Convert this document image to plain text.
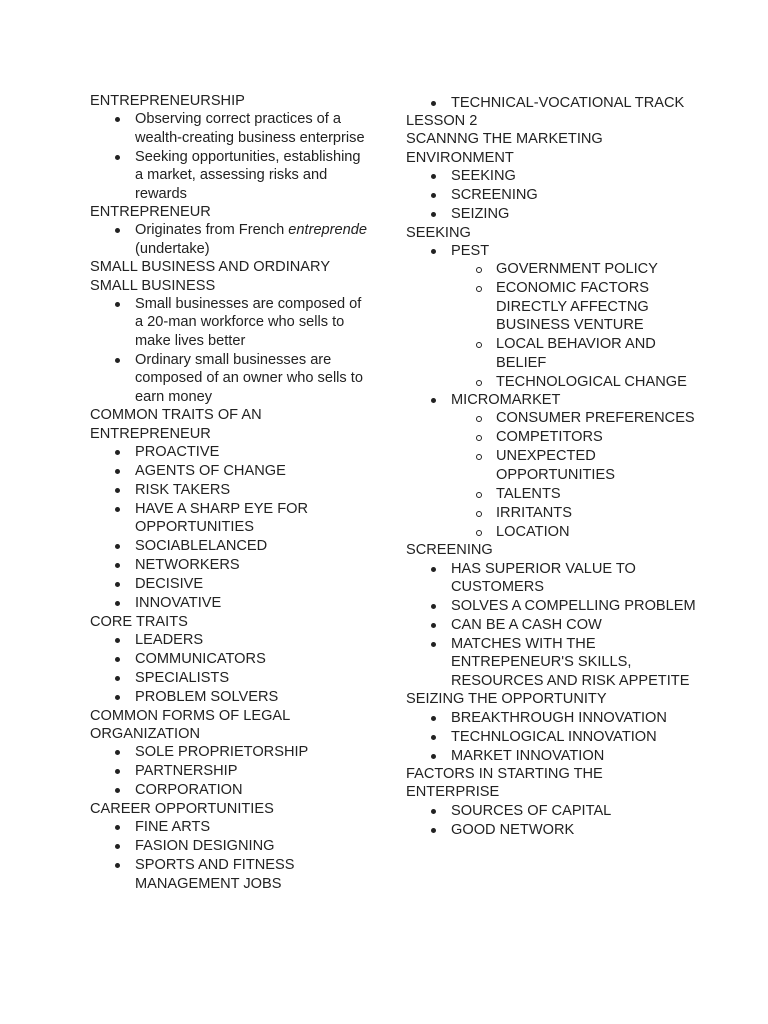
ENTREPRENEURSHIP

Observing correct practices of a wealth-creating business enterprise
Seeking opportunities, establishing a market, assessing risks and rewards

ENTREPRENEUR

Originates from French entreprende (undertake)

SMALL BUSINESS AND ORDINARY SMALL BUSINESS

Small businesses are composed of a 20-man workforce who sells to make lives better
Ordinary small businesses are composed of an owner who sells to earn money

COMMON TRAITS OF AN ENTREPRENEUR

PROACTIVE
AGENTS OF CHANGE
RISK TAKERS
HAVE A SHARP EYE FOR OPPORTUNITIES
SOCIABLELANCED
NETWORKERS
DECISIVE
INNOVATIVE

CORE TRAITS

LEADERS
COMMUNICATORS
SPECIALISTS
PROBLEM SOLVERS

COMMON FORMS OF LEGAL ORGANIZATION

SOLE PROPRIETORSHIP
PARTNERSHIP
CORPORATION

CAREER OPPORTUNITIES

FINE ARTS
FASION DESIGNING
SPORTS AND FITNESS MANAGEMENT JOBS
TECHNICAL-VOCATIONAL TRACK

LESSON 2

SCANNNG THE MARKETING ENVIRONMENT

SEEKING
SCREENING
SEIZING

SEEKING

PEST
GOVERNMENT POLICY
ECONOMIC FACTORS DIRECTLY AFFECTNG BUSINESS VENTURE
LOCAL BEHAVIOR AND BELIEF
TECHNOLOGICAL CHANGE
MICROMARKET
CONSUMER PREFERENCES
COMPETITORS
UNEXPECTED OPPORTUNITIES
TALENTS
IRRITANTS
LOCATION

SCREENING

HAS SUPERIOR VALUE TO CUSTOMERS
SOLVES A COMPELLING PROBLEM
CAN BE A CASH COW
MATCHES WITH THE ENTREPENEUR'S SKILLS, RESOURCES AND RISK APPETITE

SEIZING THE OPPORTUNITY

BREAKTHROUGH INNOVATION
TECHNLOGICAL INNOVATION
MARKET INNOVATION

FACTORS IN STARTING THE ENTERPRISE

SOURCES OF CAPITAL
GOOD NETWORK
